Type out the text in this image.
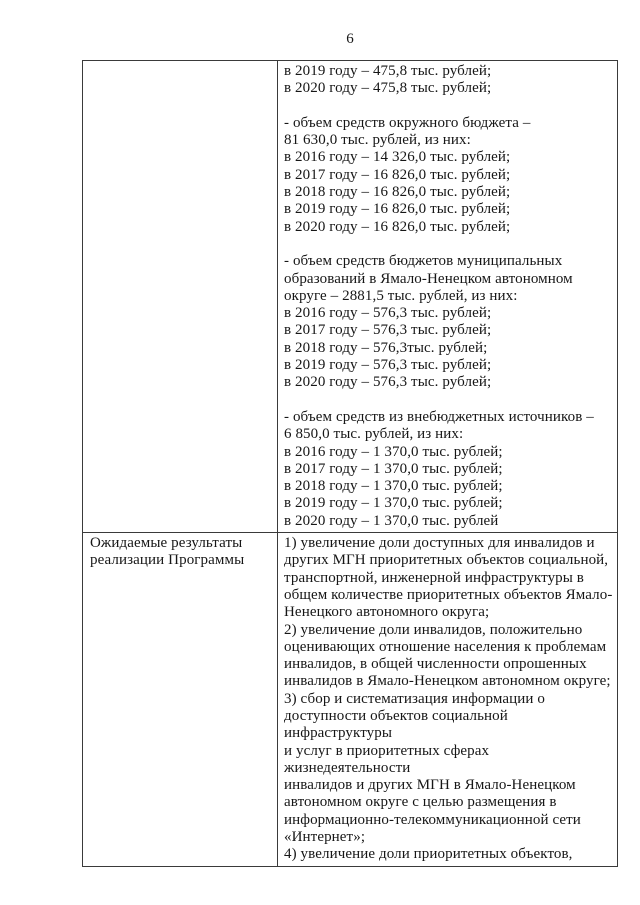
6
в 2019 году – 475,8 тыс. рублей;
в 2020 году – 475,8 тыс. рублей;

- объем средств окружного бюджета –
81 630,0 тыс. рублей, из них:
в 2016 году – 14 326,0 тыс. рублей;
в 2017 году – 16 826,0 тыс. рублей;
в 2018 году – 16 826,0 тыс. рублей;
в 2019 году – 16 826,0 тыс. рублей;
в 2020 году – 16 826,0 тыс. рублей;

- объем средств бюджетов муниципальных
образований в Ямало-Ненецком автономном
округе – 2881,5 тыс. рублей, из них:
в 2016 году – 576,3 тыс. рублей;
в 2017 году – 576,3 тыс. рублей;
в 2018 году – 576,3тыс. рублей;
в 2019 году – 576,3 тыс. рублей;
в 2020 году – 576,3 тыс. рублей;

- объем средств из внебюджетных источников –
6 850,0 тыс. рублей, из них:
в 2016 году – 1 370,0 тыс. рублей;
в 2017 году – 1 370,0 тыс. рублей;
в 2018 году – 1 370,0 тыс. рублей;
в 2019 году – 1 370,0 тыс. рублей;
в 2020 году – 1 370,0 тыс. рублей
Ожидаемые результаты реализации Программы
1) увеличение доли доступных для инвалидов и
других МГН приоритетных объектов социальной,
транспортной, инженерной инфраструктуры в
общем количестве приоритетных объектов Ямало-
Ненецкого автономного округа;
2) увеличение доли инвалидов, положительно
оценивающих отношение населения к проблемам
инвалидов, в общей численности опрошенных
инвалидов в Ямало-Ненецком автономном округе;
3) сбор и систематизация информации о
доступности объектов социальной инфраструктуры
и услуг в приоритетных сферах жизнедеятельности
инвалидов и других МГН в Ямало-Ненецком
автономном округе с целью размещения в
информационно-телекоммуникационной сети
«Интернет»;
4) увеличение доли приоритетных объектов,
